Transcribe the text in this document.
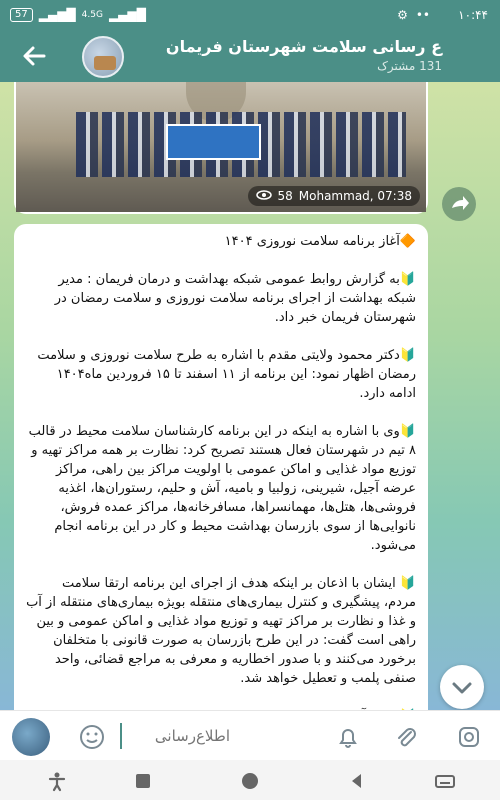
57 ▂▄▆█ 4.5G ▂▄▆█	⚙ •• ۱۰:۴۴
ع رسانی سلامت شهرستان فریمان
131 مشترک
58 Mohammad, 07:38
🔶آغاز برنامه سلامت نوروزی ۱۴۰۴

🔰به گزارش روابط عمومی شبکه بهداشت و درمان فریمان : مدیر شبکه بهداشت از اجرای برنامه سلامت نوروزی و سلامت رمضان در شهرستان فریمان خبر داد.

🔰دکتر محمود ولایتی مقدم با اشاره به طرح سلامت نوروزی و سلامت رمضان اظهار نمود: این برنامه از ۱۱ اسفند تا ۱۵ فروردین ماه۱۴۰۴ ادامه دارد.

🔰وی با اشاره به اینکه در این برنامه کارشناسان سلامت محیط در قالب ۸ تیم در شهرستان فعال هستند تصریح کرد: نظارت بر همه مراکز تهیه و توزیع مواد غذایی و اماکن عمومی با اولویت مراکز بین راهی، مراکز عرضه آجیل، شیرینی، زولبیا و بامیه، آش و حلیم، رستوران‌ها، اغذیه فروشی‌ها، هتل‌ها، مهمانسراها، مسافرخانه‌ها، مراکز عمده فروش، نانوایی‌ها از سوی بازرسان بهداشت محیط و کار در این برنامه انجام می‌شود.

🔰 ایشان با اذعان بر اینکه هدف از اجرای این برنامه ارتقا سلامت مردم، پیشگیری و کنترل بیماری‌های منتقله بویژه بیماری‌های منتقله از آب و غذا و نظارت بر مراکز تهیه و توزیع مواد غذایی و اماکن عمومی و بین راهی است گفت: در این طرح بازرسان به صورت قانونی با متخلفان برخورد می‌کنند و با صدور اخطاریه و معرفی به مراجع قضائی، واحد صنفی پلمب و تعطیل خواهد شد.

اطلاع‌رسانی
